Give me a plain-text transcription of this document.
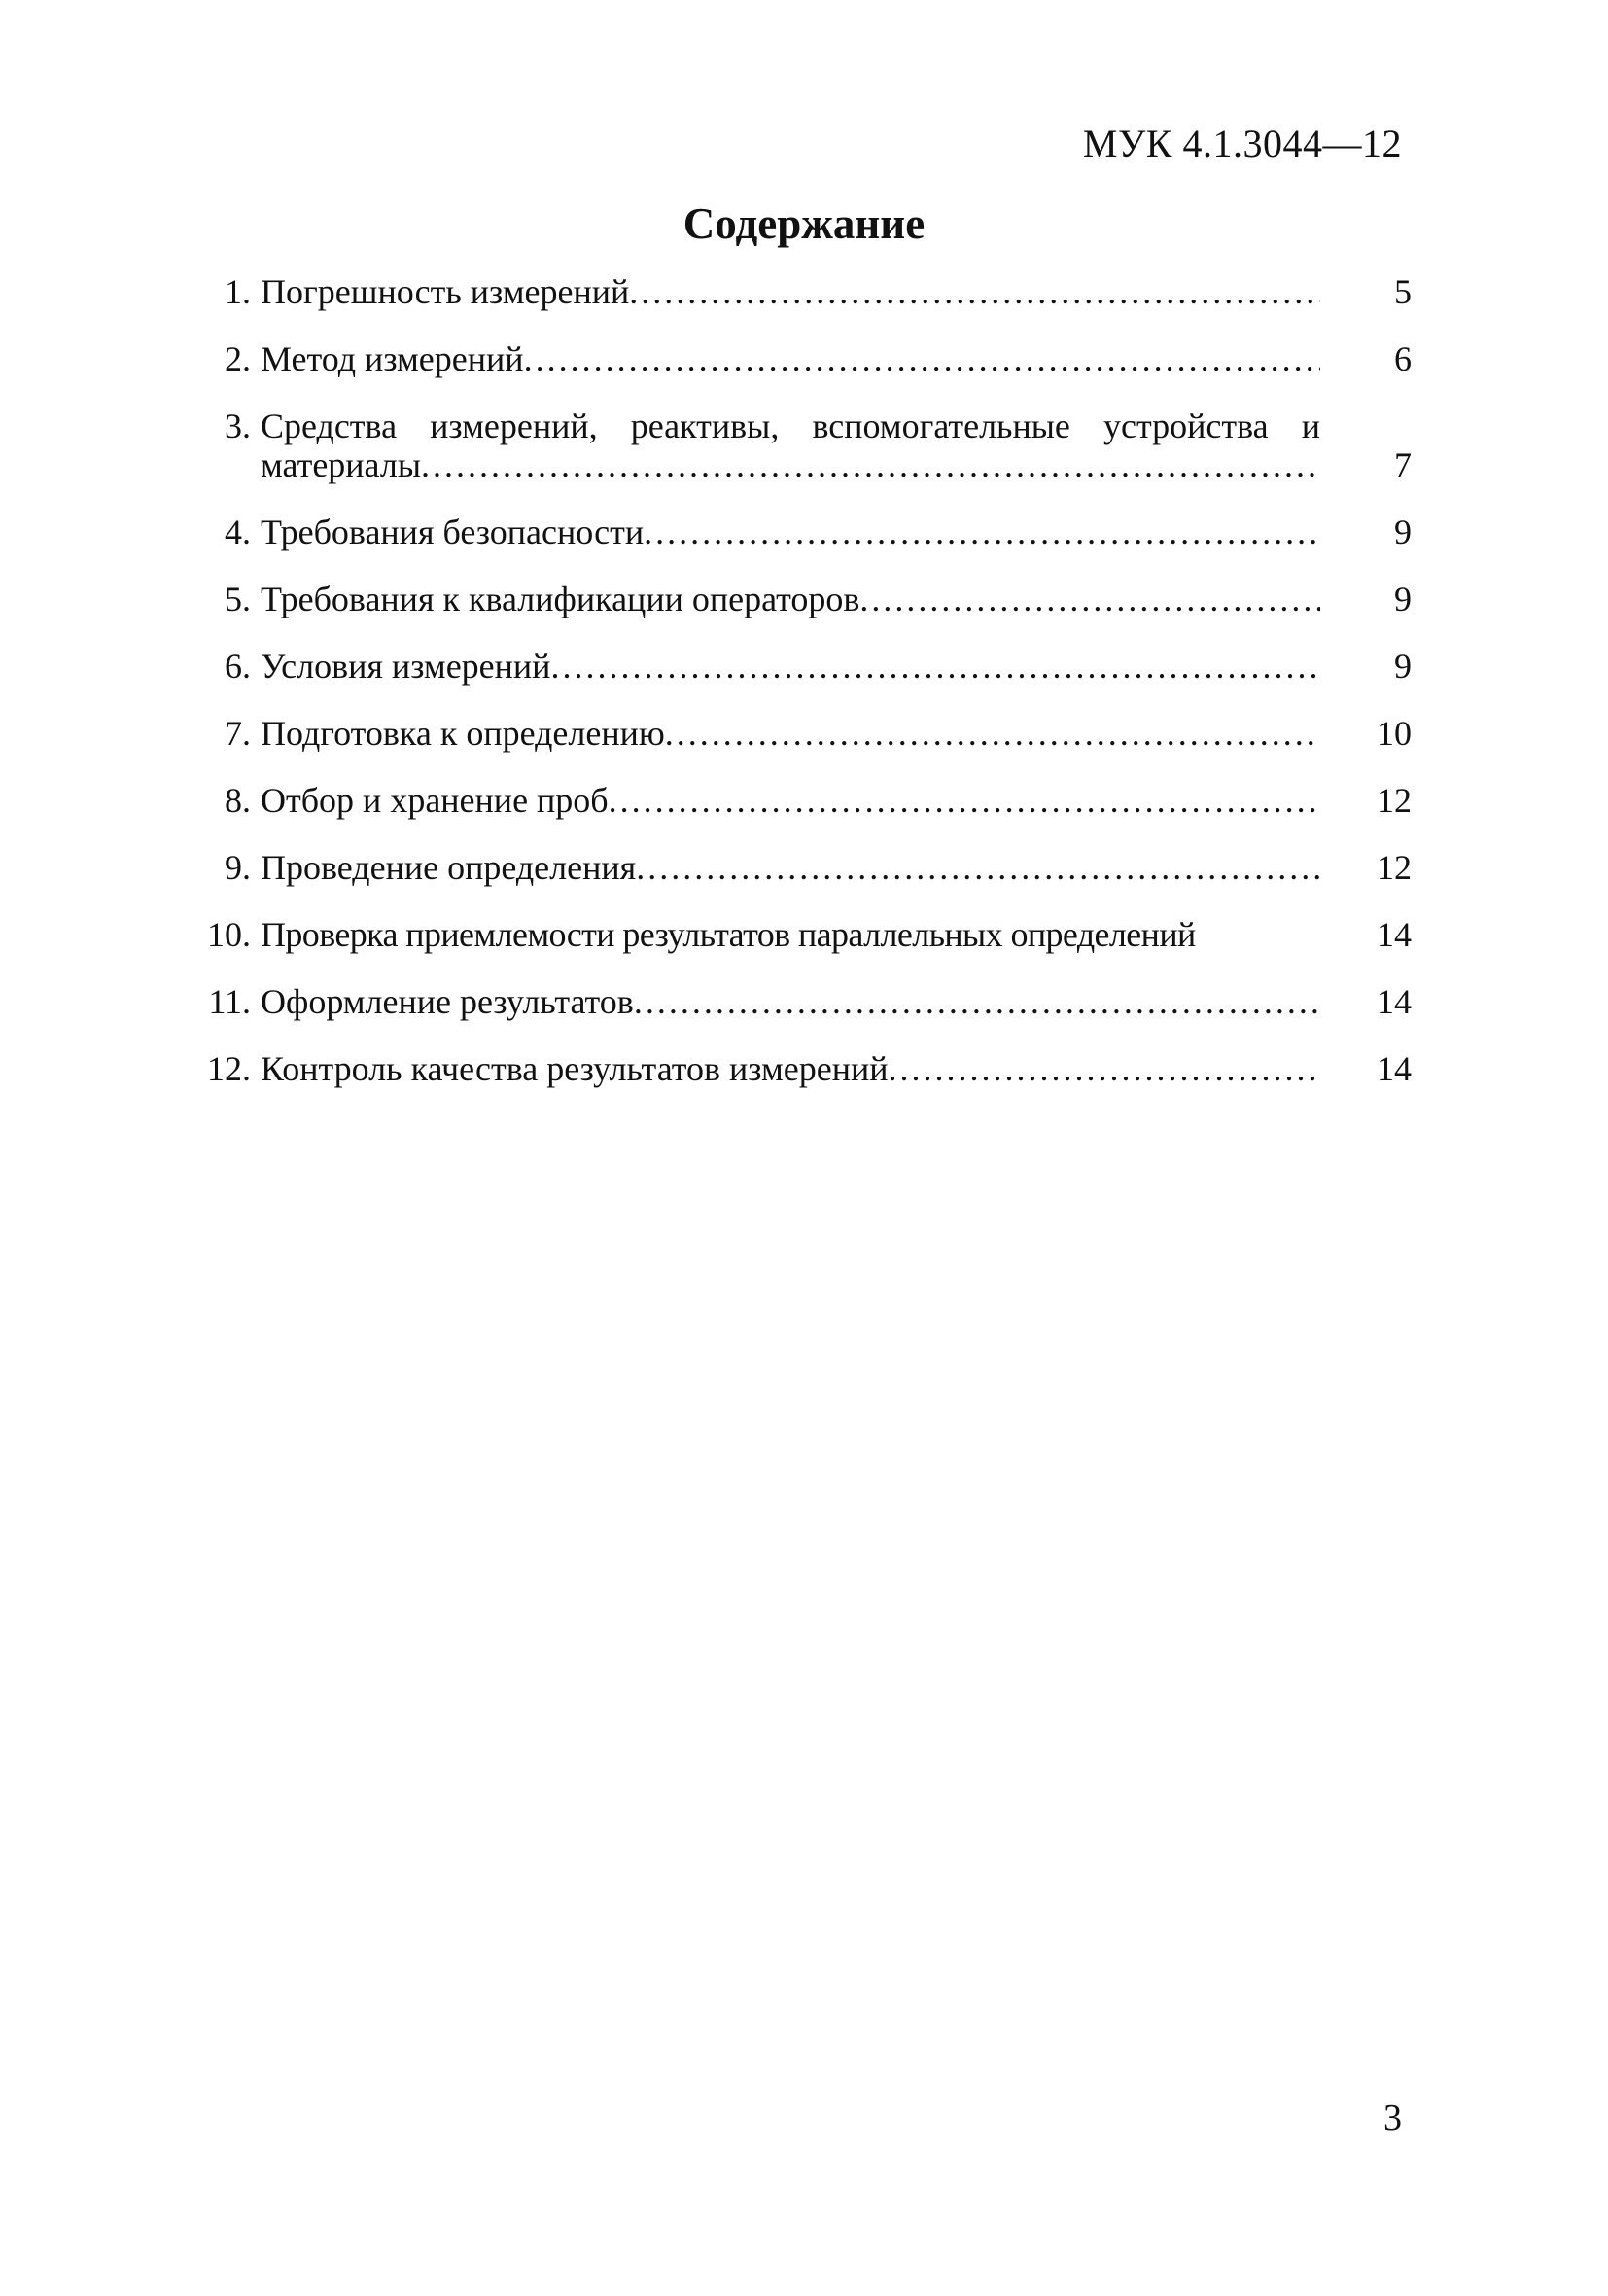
МУК 4.1.3044—12
Содержание
1. Погрешность измерений . . .	5
2. Метод измерений . . .	6
3. Средства измерений, реактивы, вспомогательные устройства и
материалы . . .	7
4. Требования безопасности . . .	9
5. Требования к квалификации операторов . . .	9
6. Условия измерений . . .	9
7. Подготовка к определению . . .	10
8. Отбор и хранение проб . . .	12
9. Проведение определения . . .	12
10. Проверка приемлемости результатов параллельных определений	14
11. Оформление результатов . . .	14
12. Контроль качества результатов измерений . . .	14
3
